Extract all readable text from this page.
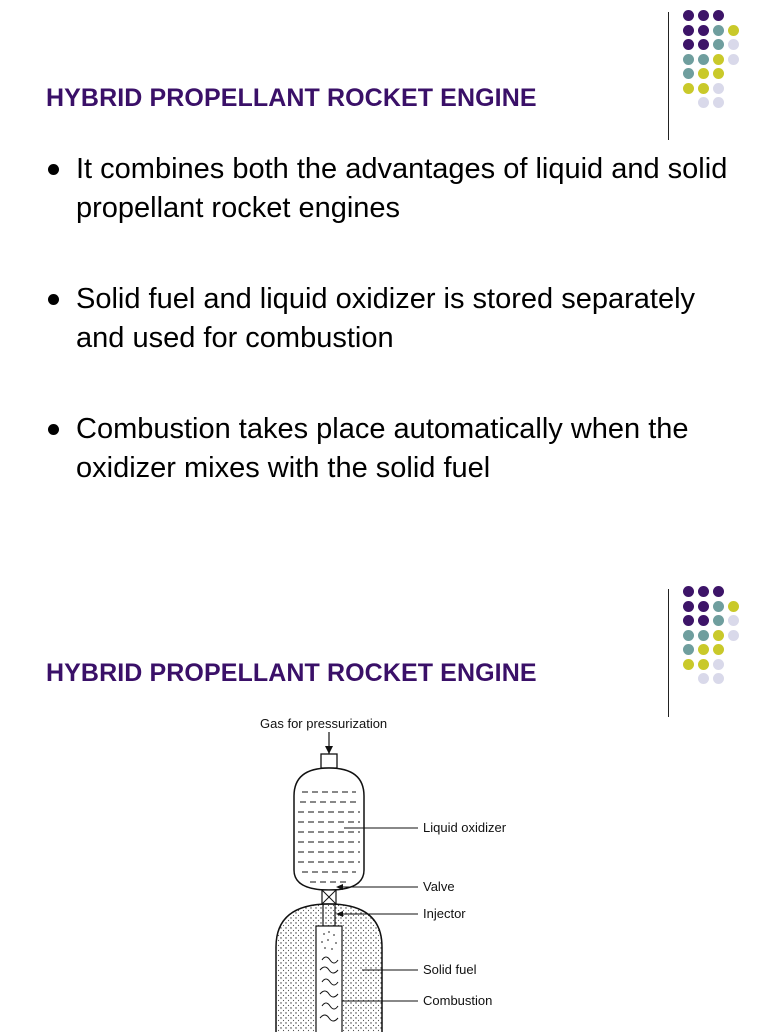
HYBRID PROPELLANT ROCKET ENGINE
It combines both the advantages of liquid and solid propellant rocket engines
Solid fuel and liquid oxidizer is stored separately and used for combustion
Combustion takes place automatically when the oxidizer mixes with the solid fuel
HYBRID PROPELLANT ROCKET ENGINE
Gas for pressurization
Liquid oxidizer
Valve
Injector
Solid fuel
Combustion
